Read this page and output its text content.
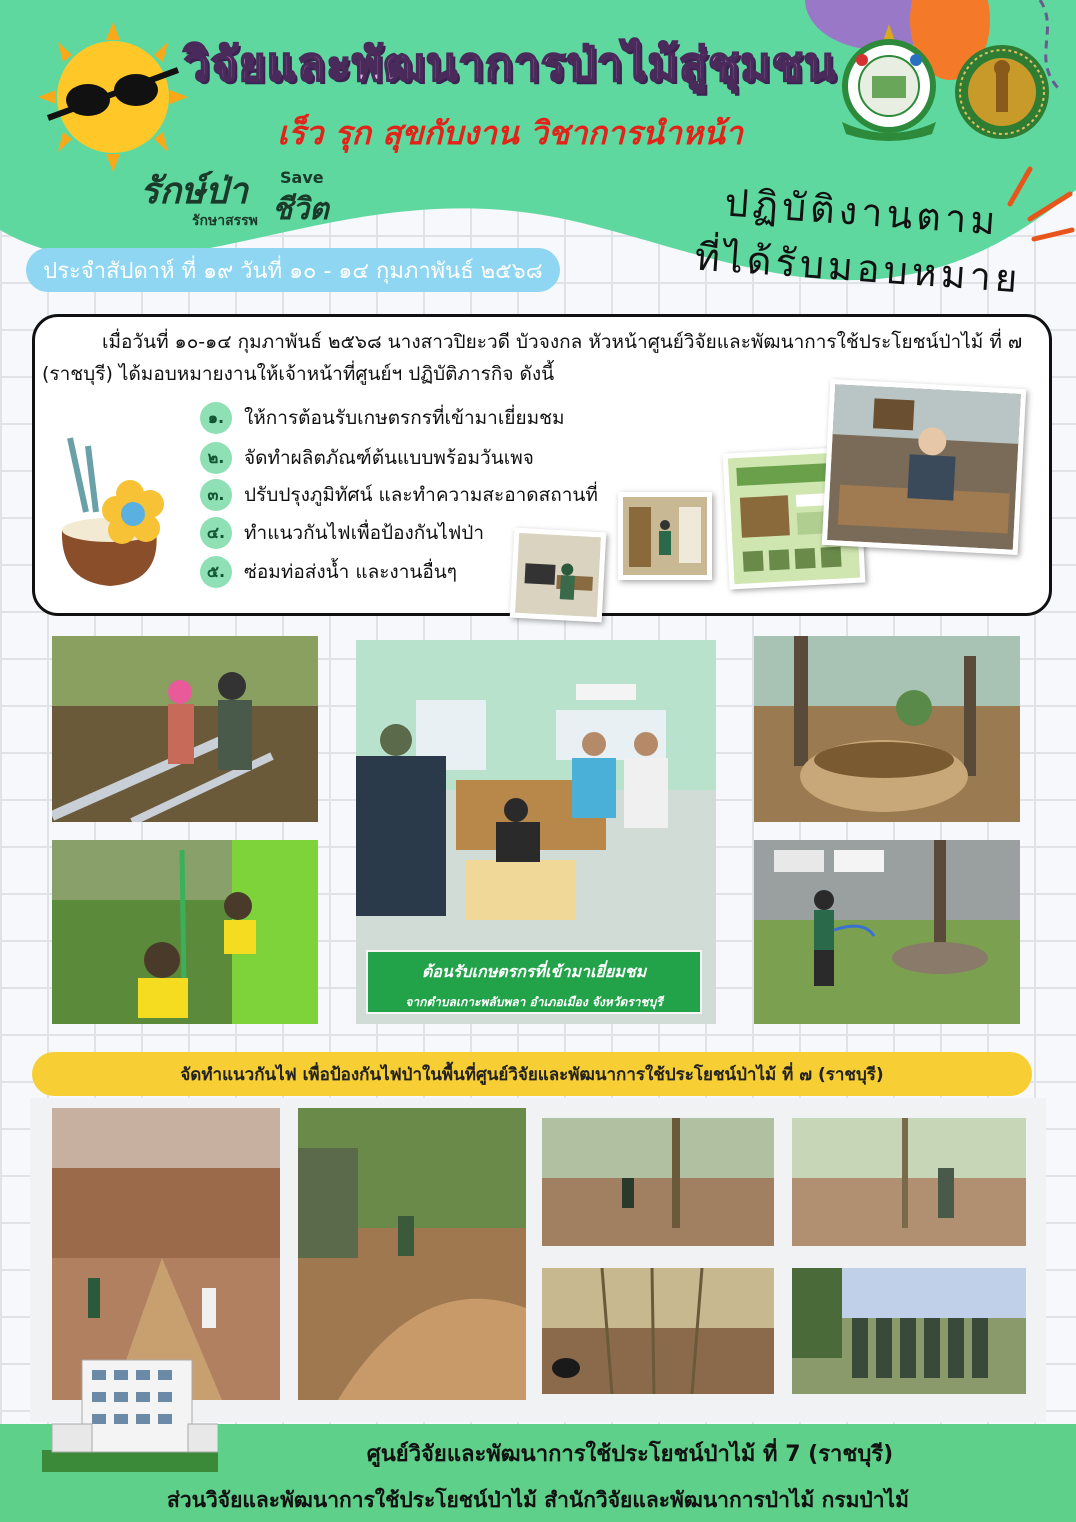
วิจัยและพัฒนาการป่าไม้สู่ชุมชน
เร็ว รุก สุขกับงาน วิชาการนำหน้า
รักษ์ป่า
รักษาสรรพ
Save
ชีวิต
ประจำสัปดาห์ ที่ ๑๙ วันที่ ๑๐ - ๑๔ กุมภาพันธ์ ๒๕๖๘
ปฏิบัติงานตาม
ที่ได้รับมอบหมาย
เมื่อวันที่ ๑๐-๑๔ กุมภาพันธ์ ๒๕๖๘ นางสาวปิยะวดี บัวจงกล หัวหน้าศูนย์วิจัยและพัฒนาการใช้ประโยชน์ป่าไม้ ที่ ๗ (ราชบุรี) ได้มอบหมายงานให้เจ้าหน้าที่ศูนย์ฯ ปฏิบัติภารกิจ ดังนี้
๑.	ให้การต้อนรับเกษตรกรที่เข้ามาเยี่ยมชม
๒.	จัดทำผลิตภัณฑ์ต้นแบบพร้อมวันเพจ
๓.	ปรับปรุงภูมิทัศน์ และทำความสะอาดสถานที่
๔. ทำแนวกันไฟเพื่อป้องกันไฟป่า
๕. ซ่อมท่อส่งน้ำ และงานอื่นๆ
ต้อนรับเกษตรกรที่เข้ามาเยี่ยมชม
จากตำบลเกาะพลับพลา อำเภอเมือง จังหวัดราชบุรี
จัดทำแนวกันไฟ เพื่อป้องกันไฟป่าในพื้นที่ศูนย์วิจัยและพัฒนาการใช้ประโยชน์ป่าไม้ ที่ ๗ (ราชบุรี)
ศูนย์วิจัยและพัฒนาการใช้ประโยชน์ป่าไม้ ที่ 7 (ราชบุรี)
ส่วนวิจัยและพัฒนาการใช้ประโยชน์ป่าไม้ สำนักวิจัยและพัฒนาการป่าไม้ กรมป่าไม้
